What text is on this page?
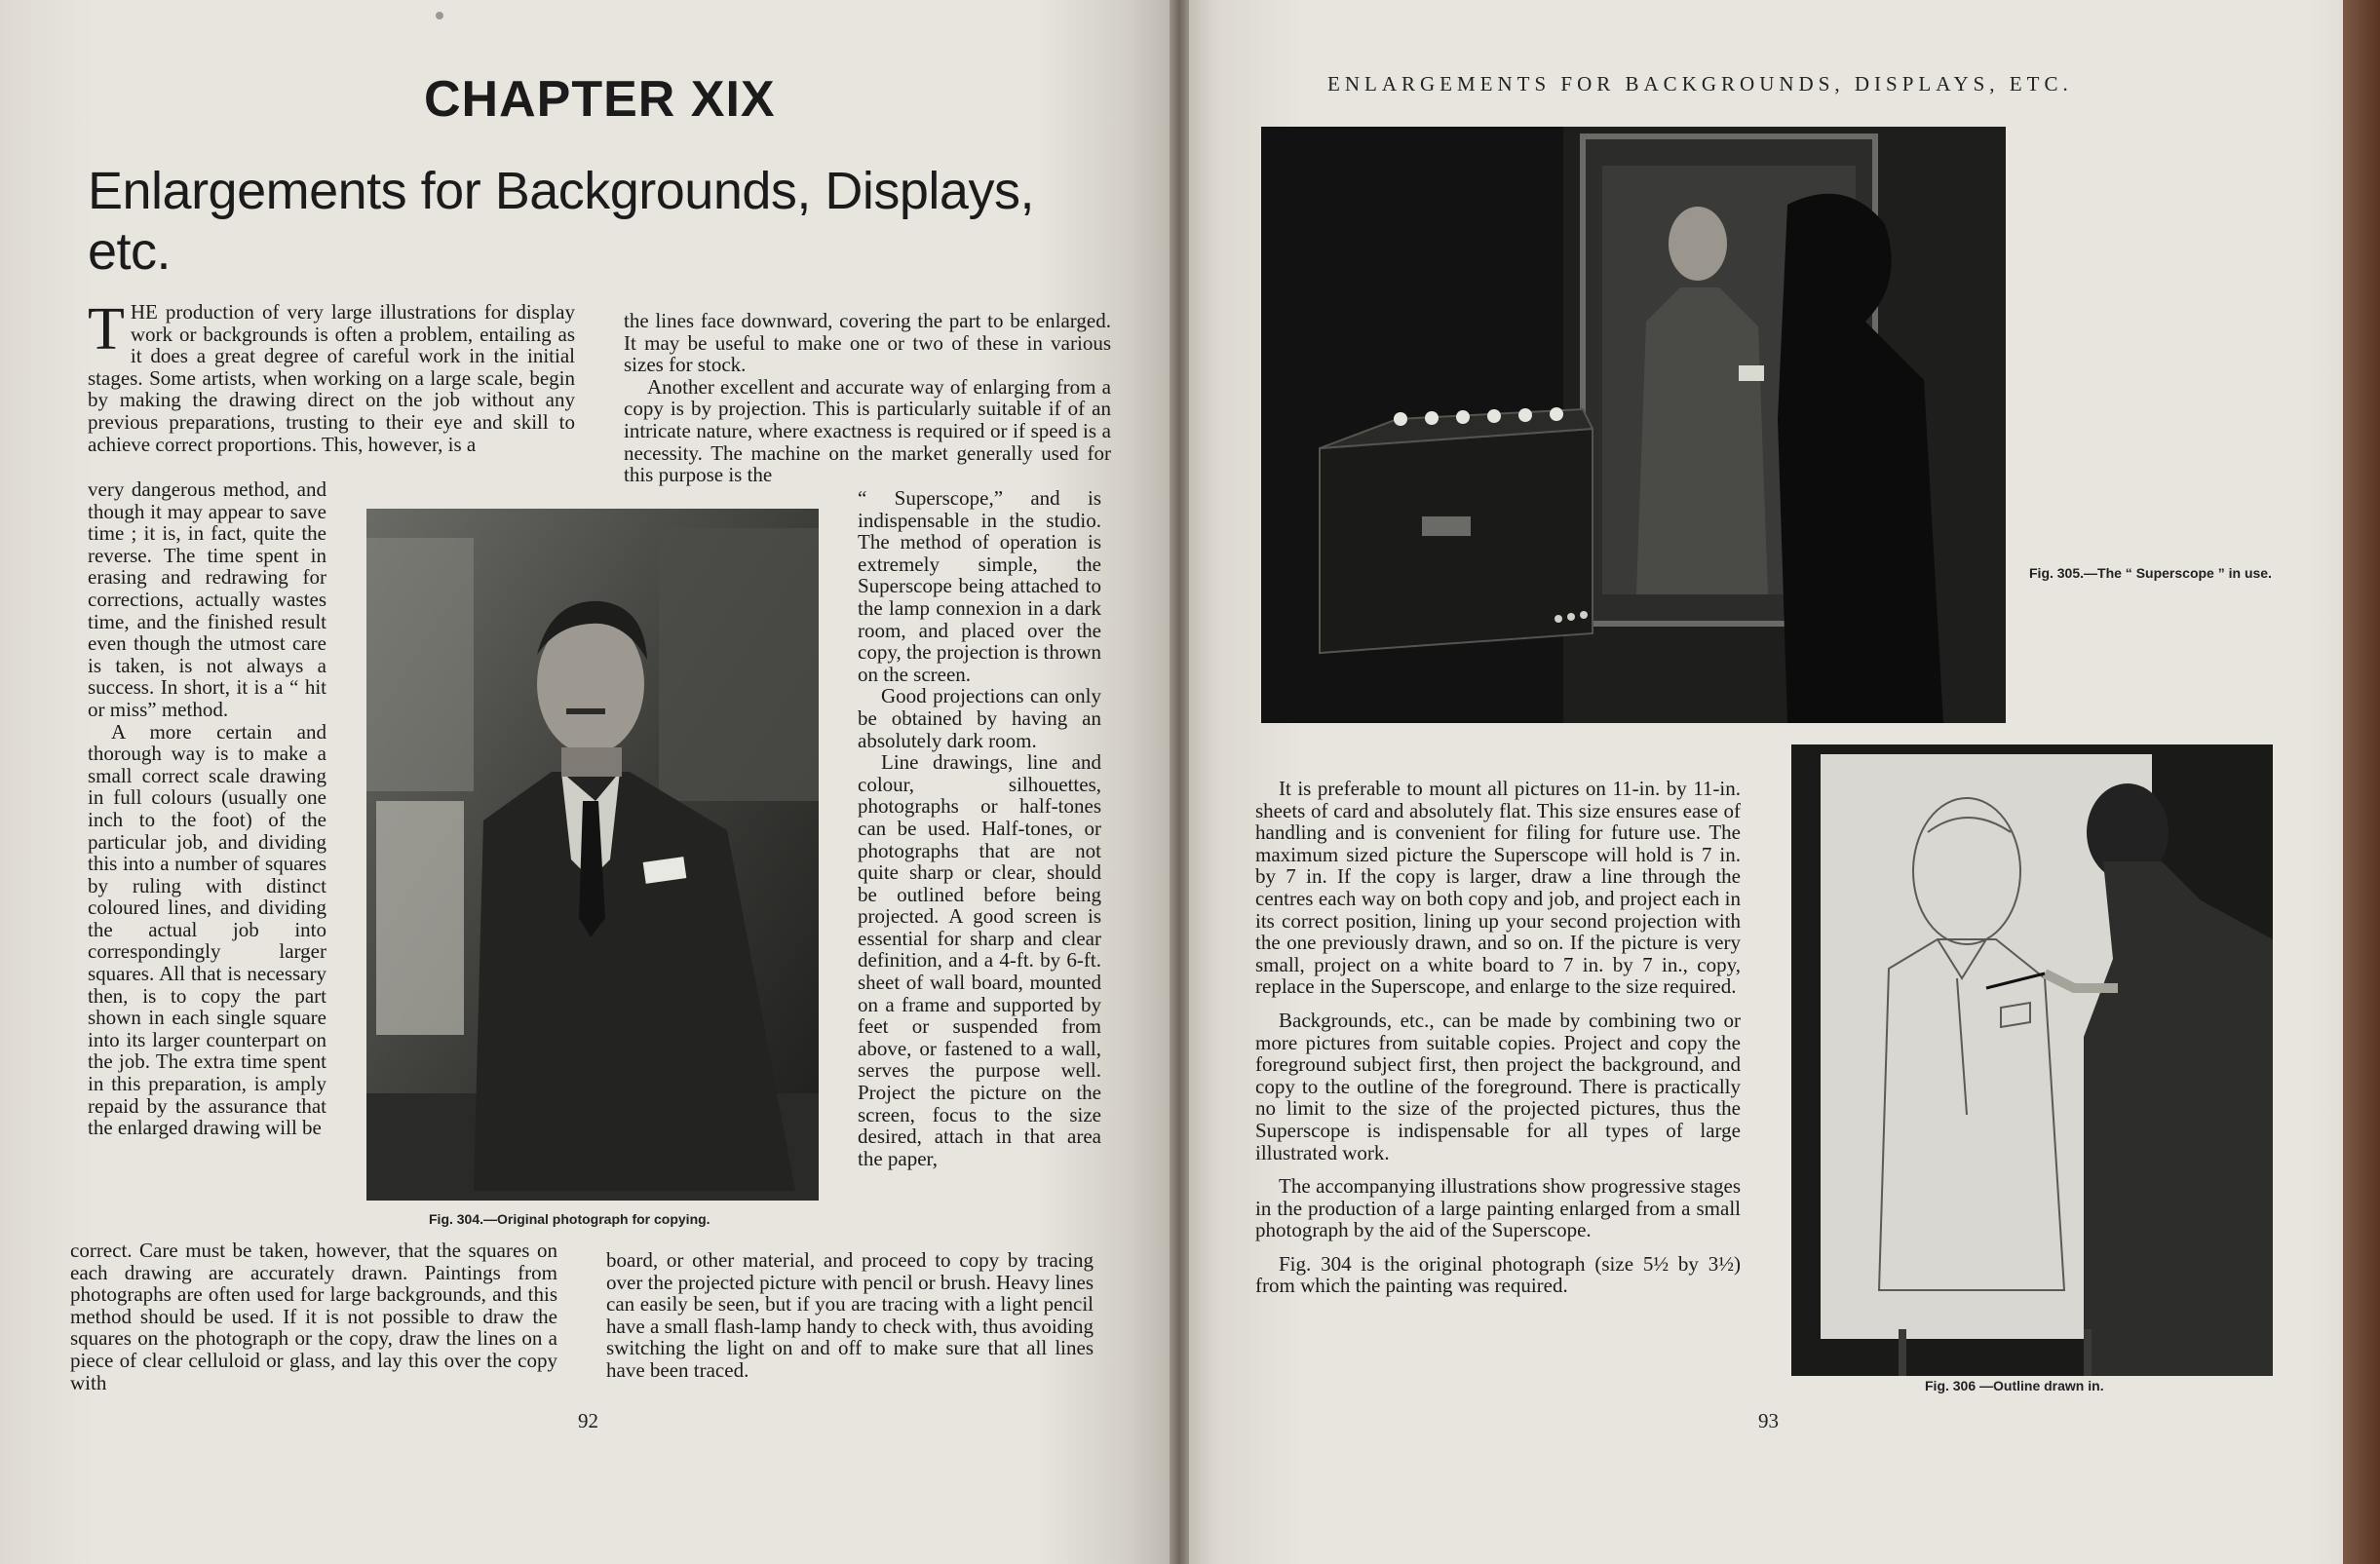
CHAPTER XIX
Enlargements for Backgrounds, Displays, etc.
THE production of very large illustrations for display work or backgrounds is often a problem, entailing as it does a great degree of careful work in the initial stages. Some artists, when working on a large scale, begin by making the drawing direct on the job without any previous preparations, trusting to their eye and skill to achieve correct proportions. This, however, is a

very dangerous method, and though it may appear to save time ; it is, in fact, quite the reverse. The time spent in erasing and redrawing for corrections, actually wastes time, and the finished result even though the utmost care is taken, is not always a success. In short, it is a “ hit or miss” method.

A more certain and thorough way is to make a small correct scale drawing in full colours (usually one inch to the foot) of the particular job, and dividing this into a number of squares by ruling with distinct coloured lines, and dividing the actual job into correspondingly larger squares. All that is necessary then, is to copy the part shown in each single square into its larger counterpart on the job. The extra time spent in this preparation, is amply repaid by the assurance that the enlarged drawing will be

correct. Care must be taken, however, that the squares on each drawing are accurately drawn. Paintings from photographs are often used for large backgrounds, and this method should be used. If it is not possible to draw the squares on the photograph or the copy, draw the lines on a piece of clear celluloid or glass, and lay this over the copy with

the lines face downward, covering the part to be enlarged. It may be useful to make one or two of these in various sizes for stock.

Another excellent and accurate way of enlarging from a copy is by projection. This is particularly suitable if of an intricate nature, where exactness is required or if speed is a necessity. The machine on the market generally used for this purpose is the

“ Superscope,” and is indispensable in the studio. The method of operation is extremely simple, the Superscope being attached to the lamp connexion in a dark room, and placed over the copy, the projection is thrown on the screen.

Good projections can only be obtained by having an absolutely dark room.

Line drawings, line and colour, silhouettes, photographs or half-tones can be used. Half-tones, or photographs that are not quite sharp or clear, should be outlined before being projected. A good screen is essential for sharp and clear definition, and a 4-ft. by 6-ft. sheet of wall board, mounted on a frame and supported by feet or suspended from above, or fastened to a wall, serves the purpose well. Project the picture on the screen, focus to the size desired, attach in that area the paper,

board, or other material, and proceed to copy by tracing over the projected picture with pencil or brush. Heavy lines can easily be seen, but if you are tracing with a light pencil have a small flash-lamp handy to check with, thus avoiding switching the light on and off to make sure that all lines have been traced.

Fig. 304.—Original photograph for copying.
92
ENLARGEMENTS FOR BACKGROUNDS, DISPLAYS, ETC.
Fig. 305.—The “ Superscope ” in use.

It is preferable to mount all pictures on 11-in. by 11-in. sheets of card and absolutely flat. This size ensures ease of handling and is convenient for filing for future use. The maximum sized picture the Superscope will hold is 7 in. by 7 in. If the copy is larger, draw a line through the centres each way on both copy and job, and project each in its correct position, lining up your second projection with the one previously drawn, and so on. If the picture is very small, project on a white board to 7 in. by 7 in., copy, replace in the Superscope, and enlarge to the size required.

Backgrounds, etc., can be made by combining two or more pictures from suitable copies. Project and copy the foreground subject first, then project the background, and copy to the outline of the foreground. There is practically no limit to the size of the projected pictures, thus the Superscope is indispensable for all types of large illustrated work.

The accompanying illustrations show progressive stages in the production of a large painting enlarged from a small photograph by the aid of the Superscope.

Fig. 304 is the original photograph (size 5½ by 3½) from which the painting was required.

Fig. 306 —Outline drawn in.
93
